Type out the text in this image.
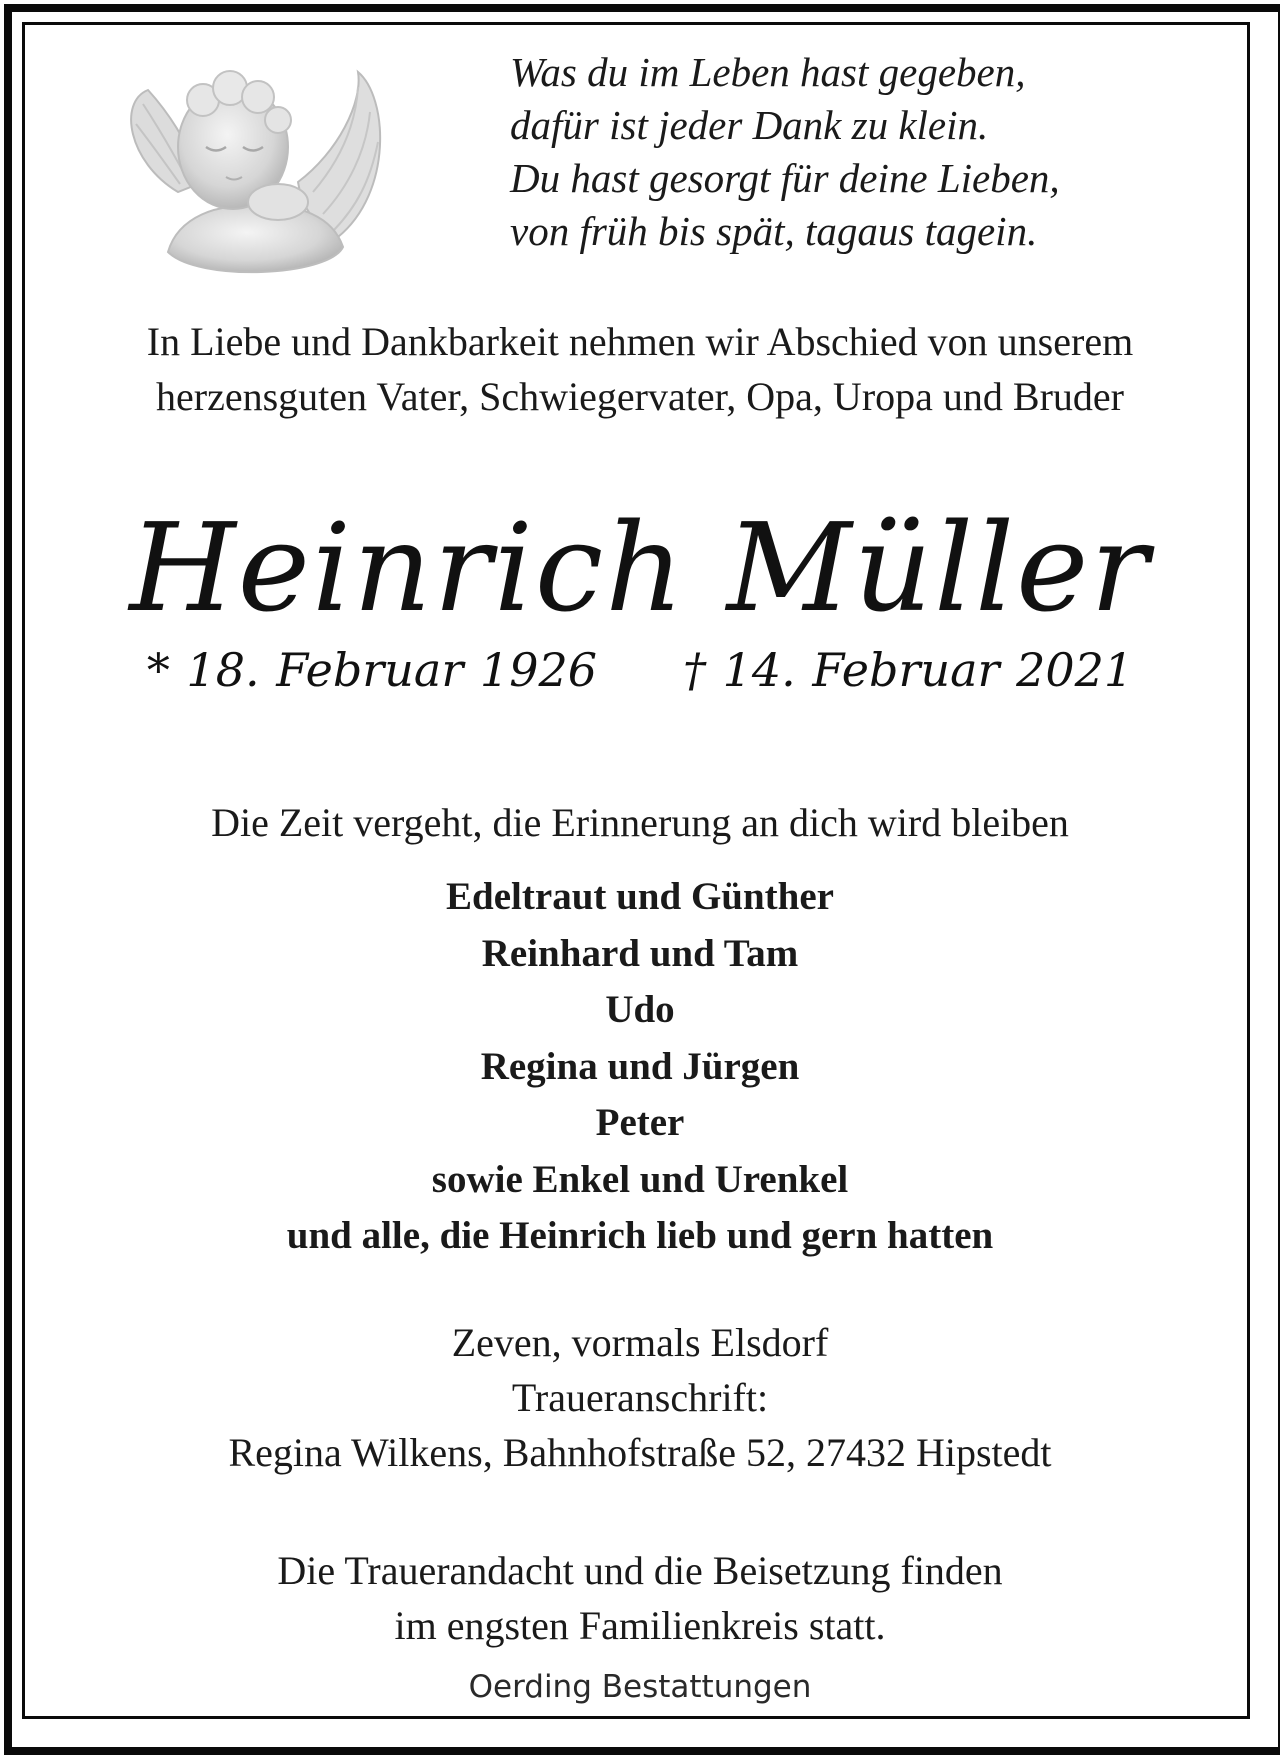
Was du im Leben hast gegeben,
dafür ist jeder Dank zu klein.
Du hast gesorgt für deine Lieben,
von früh bis spät, tagaus tagein.
In Liebe und Dankbarkeit nehmen wir Abschied von unserem
herzensguten Vater, Schwiegervater, Opa, Uropa und Bruder
Heinrich Müller
* 18. Februar 1926 † 14. Februar 2021
Die Zeit vergeht, die Erinnerung an dich wird bleiben
Edeltraut und Günther
Reinhard und Tam
Udo
Regina und Jürgen
Peter
sowie Enkel und Urenkel
und alle, die Heinrich lieb und gern hatten
Zeven, vormals Elsdorf
Traueranschrift:
Regina Wilkens, Bahnhofstraße 52, 27432 Hipstedt
Die Trauerandacht und die Beisetzung finden
im engsten Familienkreis statt.
Oerding Bestattungen
